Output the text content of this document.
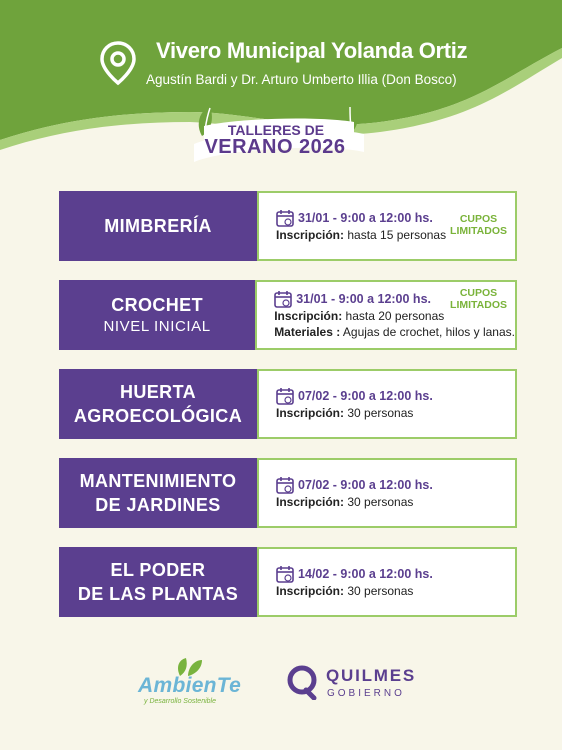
Vivero Municipal Yolanda Ortiz
Agustín Bardi y Dr. Arturo Umberto Illia (Don Bosco)
TALLERES DE
VERANO 2026
MIMBRERÍA	31/01 - 9:00 a 12:00 hs.
Inscripción: hasta 15 personas
CUPOS
LIMITADOS
CROCHET
NIVEL INICIAL
31/01 - 9:00 a 12:00 hs.
Inscripción: hasta 20 personas
Materiales : Agujas de crochet, hilos y lanas.
CUPOS
LIMITADOS
HUERTA
AGROECOLÓGICA
07/02 - 9:00 a 12:00 hs.
Inscripción: 30 personas
MANTENIMIENTO
DE JARDINES
07/02 - 9:00 a 12:00 hs.
Inscripción: 30 personas
EL PODER
DE LAS PLANTAS
14/02 - 9:00 a 12:00 hs.
Inscripción: 30 personas
AmbienTe
y Desarrollo Sostenible
QUILMES
GOBIERNO
